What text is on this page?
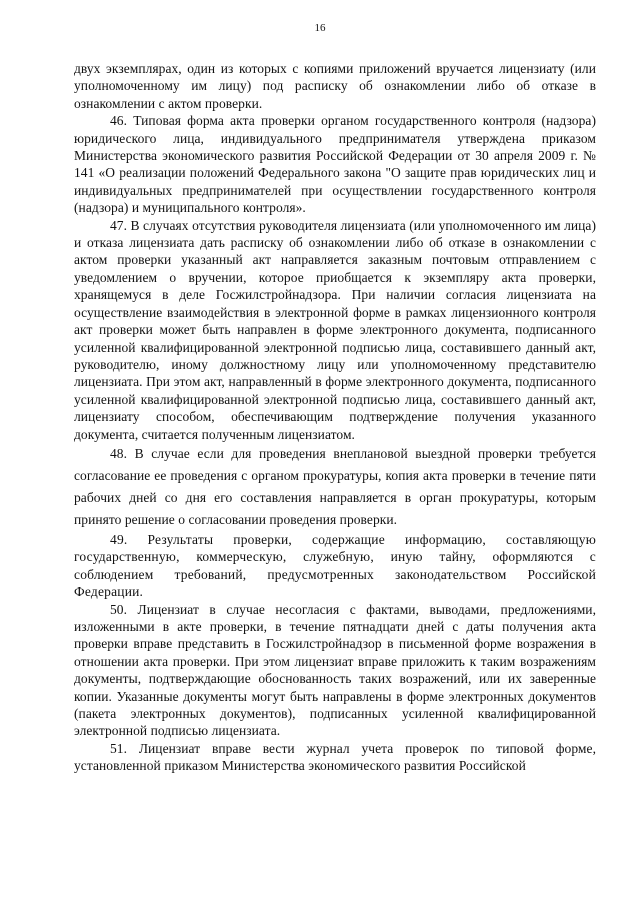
16

двух экземплярах, один из которых с копиями приложений вручается лицензиату (или уполномоченному им лицу) под расписку об ознакомлении либо об отказе в ознакомлении с актом проверки.

46. Типовая форма акта проверки органом государственного контроля (надзора) юридического лица, индивидуального предпринимателя утверждена приказом Министерства экономического развития Российской Федерации от 30 апреля 2009 г. № 141 «О реализации положений Федерального закона "О защите прав юридических лиц и индивидуальных предпринимателей при осуществлении государственного контроля (надзора) и муниципального контроля».

47. В случаях отсутствия руководителя лицензиата (или уполномоченного им лица) и отказа лицензиата дать расписку об ознакомлении либо об отказе в ознакомлении с актом проверки указанный акт направляется заказным почтовым отправлением с уведомлением о вручении, которое приобщается к экземпляру акта проверки, хранящемуся в деле Госжилстройнадзора. При наличии согласия лицензиата на осуществление взаимодействия в электронной форме в рамках лицензионного контроля акт проверки может быть направлен в форме электронного документа, подписанного усиленной квалифицированной электронной подписью лица, составившего данный акт, руководителю, иному должностному лицу или уполномоченному представителю лицензиата. При этом акт, направленный в форме электронного документа, подписанного усиленной квалифицированной электронной подписью лица, составившего данный акт, лицензиату способом, обеспечивающим подтверждение получения указанного документа, считается полученным лицензиатом.

48. В случае если для проведения внеплановой выездной проверки требуется согласование ее проведения с органом прокуратуры, копия акта проверки в течение пяти рабочих дней со дня его составления направляется в орган прокуратуры, которым принято решение о согласовании проведения проверки.

49. Результаты проверки, содержащие информацию, составляющую государственную, коммерческую, служебную, иную тайну, оформляются с соблюдением требований, предусмотренных законодательством Российской Федерации.

50. Лицензиат в случае несогласия с фактами, выводами, предложениями, изложенными в акте проверки, в течение пятнадцати дней с даты получения акта проверки вправе представить в Госжилстройнадзор в письменной форме возражения в отношении акта проверки. При этом лицензиат вправе приложить к таким возражениям документы, подтверждающие обоснованность таких возражений, или их заверенные копии. Указанные документы могут быть направлены в форме электронных документов (пакета электронных документов), подписанных усиленной квалифицированной электронной подписью лицензиата.

51. Лицензиат вправе вести журнал учета проверок по типовой форме, установленной приказом Министерства экономического развития Российской
